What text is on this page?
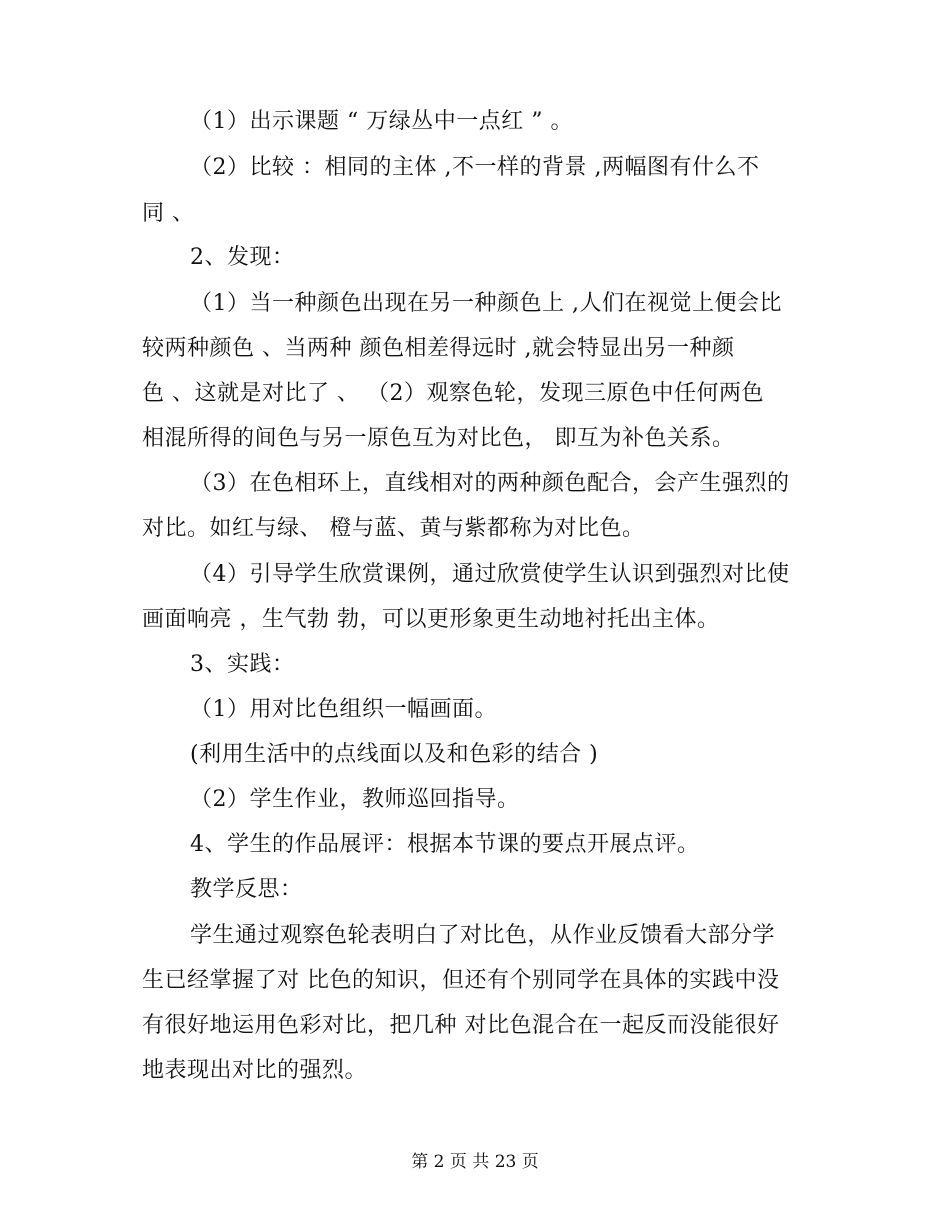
（1）出示课题 “ 万绿丛中一点红 ” 。
（2）比较 ：相同的主体 ,不一样的背景 ,两幅图有什么不
同 、
2、发现：
（1）当一种颜色出现在另一种颜色上 ,人们在视觉上便会比
较两种颜色 、当两种 颜色相差得远时 ,就会特显出另一种颜
色 、这就是对比了 、 （2）观察色轮，发现三原色中任何两色
相混所得的间色与另一原色互为对比色， 即互为补色关系。
（3）在色相环上，直线相对的两种颜色配合，会产生强烈的
对比。如红与绿、 橙与蓝、黄与紫都称为对比色。
（4）引导学生欣赏课例，通过欣赏使学生认识到强烈对比使
画面响亮 ，生气勃 勃，可以更形象更生动地衬托出主体。
3、实践：
（1）用对比色组织一幅画面。
(利用生活中的点线面以及和色彩的结合 )
（2）学生作业，教师巡回指导。
4、学生的作品展评：根据本节课的要点开展点评。
教学反思：
学生通过观察色轮表明白了对比色，从作业反馈看大部分学
生已经掌握了对 比色的知识，但还有个别同学在具体的实践中没
有很好地运用色彩对比，把几种 对比色混合在一起反而没能很好
地表现出对比的强烈。
第 2 页 共 23 页
